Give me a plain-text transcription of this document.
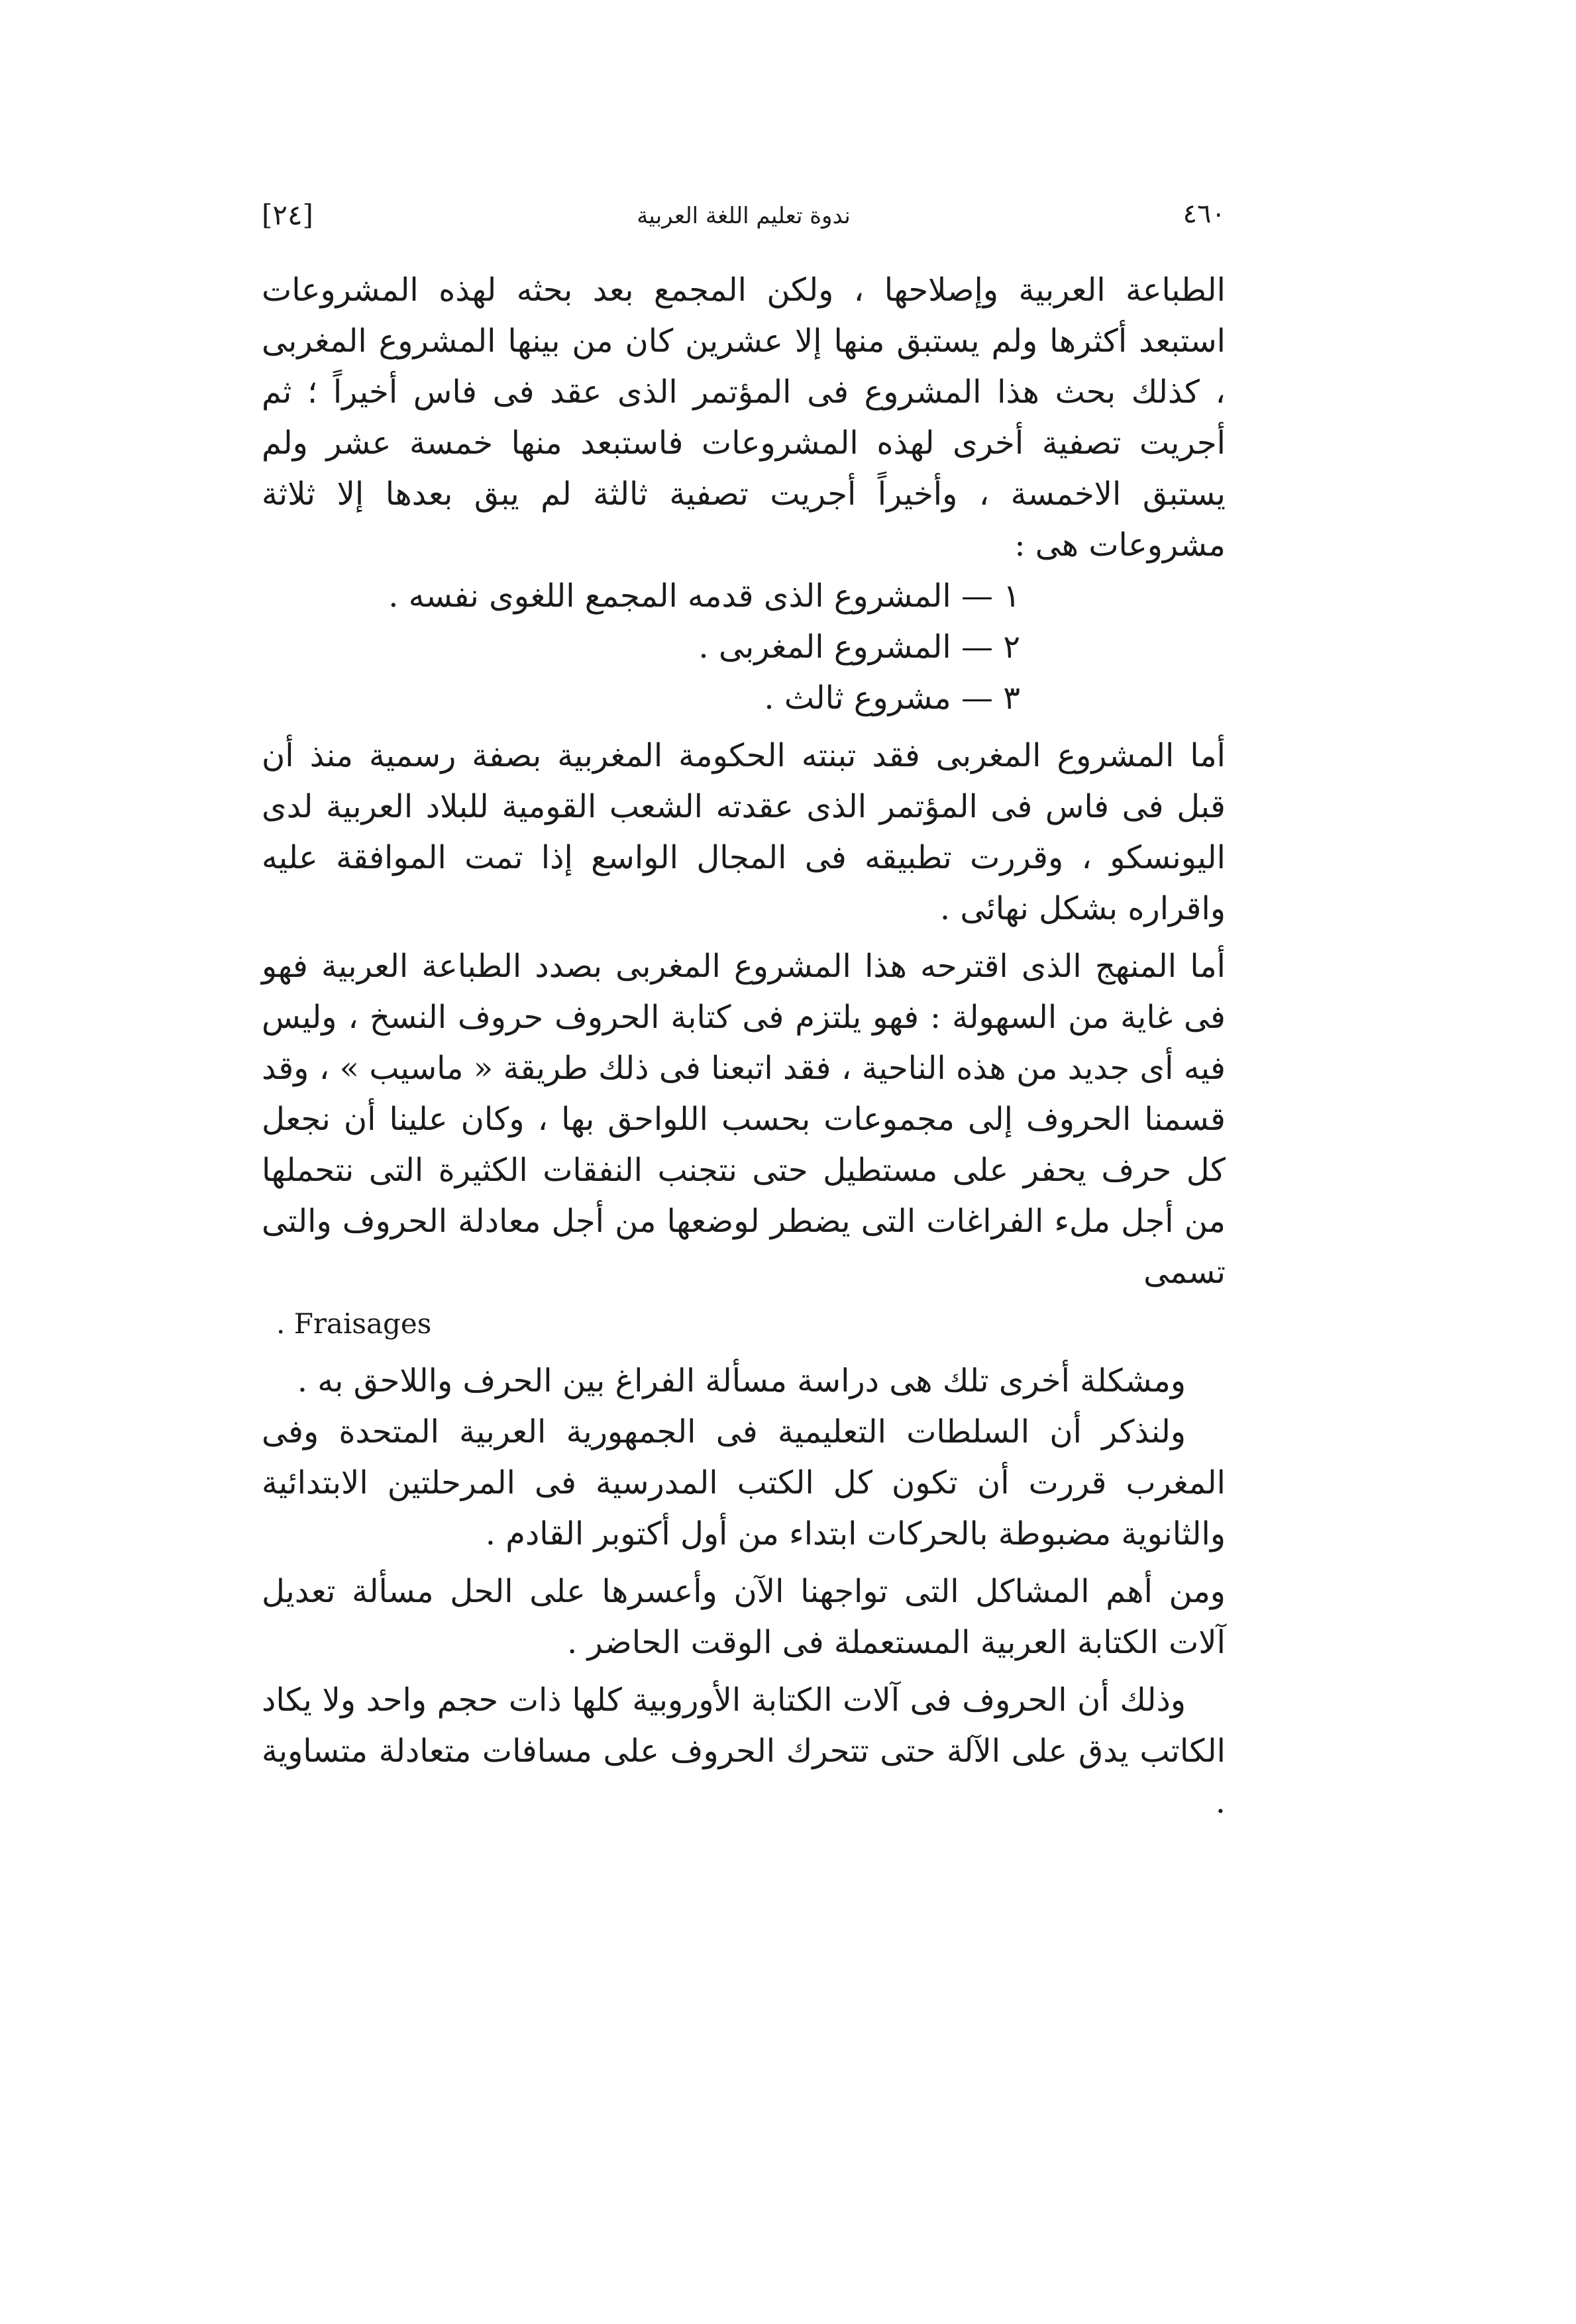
٤٦٠
ندوة تعليم اللغة العربية
[٢٤]

الطباعة العربية وإصلاحها ، ولكن المجمع بعد بحثه لهذه المشروعات استبعد أكثرها ولم يستبق منها إلا عشرين كان من بينها المشروع المغربى ، كذلك بحث هذا المشروع فى المؤتمر الذى عقد فى فاس أخيراً ؛ ثم أجريت تصفية أخرى لهذه المشروعات فاستبعد منها خمسة عشر ولم يستبق الاخمسة ، وأخيراً أجريت تصفية ثالثة لم يبق بعدها إلا ثلاثة مشروعات هى :

١ — المشروع الذى قدمه المجمع اللغوى نفسه .

٢ — المشروع المغربى .

٣ — مشروع ثالث .

أما المشروع المغربى فقد تبنته الحكومة المغربية بصفة رسمية منذ أن قبل فى فاس فى المؤتمر الذى عقدته الشعب القومية للبلاد العربية لدى اليونسكو ، وقررت تطبيقه فى المجال الواسع إذا تمت الموافقة عليه واقراره بشكل نهائى .

أما المنهج الذى اقترحه هذا المشروع المغربى بصدد الطباعة العربية فهو فى غاية من السهولة : فهو يلتزم فى كتابة الحروف حروف النسخ ، وليس فيه أى جديد من هذه الناحية ، فقد اتبعنا فى ذلك طريقة « ماسيب » ، وقد قسمنا الحروف إلى مجموعات بحسب اللواحق بها ، وكان علينا أن نجعل كل حرف يحفر على مستطيل حتى نتجنب النفقات الكثيرة التى نتحملها من أجل ملء الفراغات التى يضطر لوضعها من أجل معادلة الحروف والتى تسمى

. Fraisages

ومشكلة أخرى تلك هى دراسة مسألة الفراغ بين الحرف واللاحق به .

ولنذكر أن السلطات التعليمية فى الجمهورية العربية المتحدة وفى المغرب قررت أن تكون كل الكتب المدرسية فى المرحلتين الابتدائية والثانوية مضبوطة بالحركات ابتداء من أول أكتوبر القادم .

ومن أهم المشاكل التى تواجهنا الآن وأعسرها على الحل مسألة تعديل آلات الكتابة العربية المستعملة فى الوقت الحاضر .

وذلك أن الحروف فى آلات الكتابة الأوروبية كلها ذات حجم واحد ولا يكاد الكاتب يدق على الآلة حتى تتحرك الحروف على مسافات متعادلة متساوية .
